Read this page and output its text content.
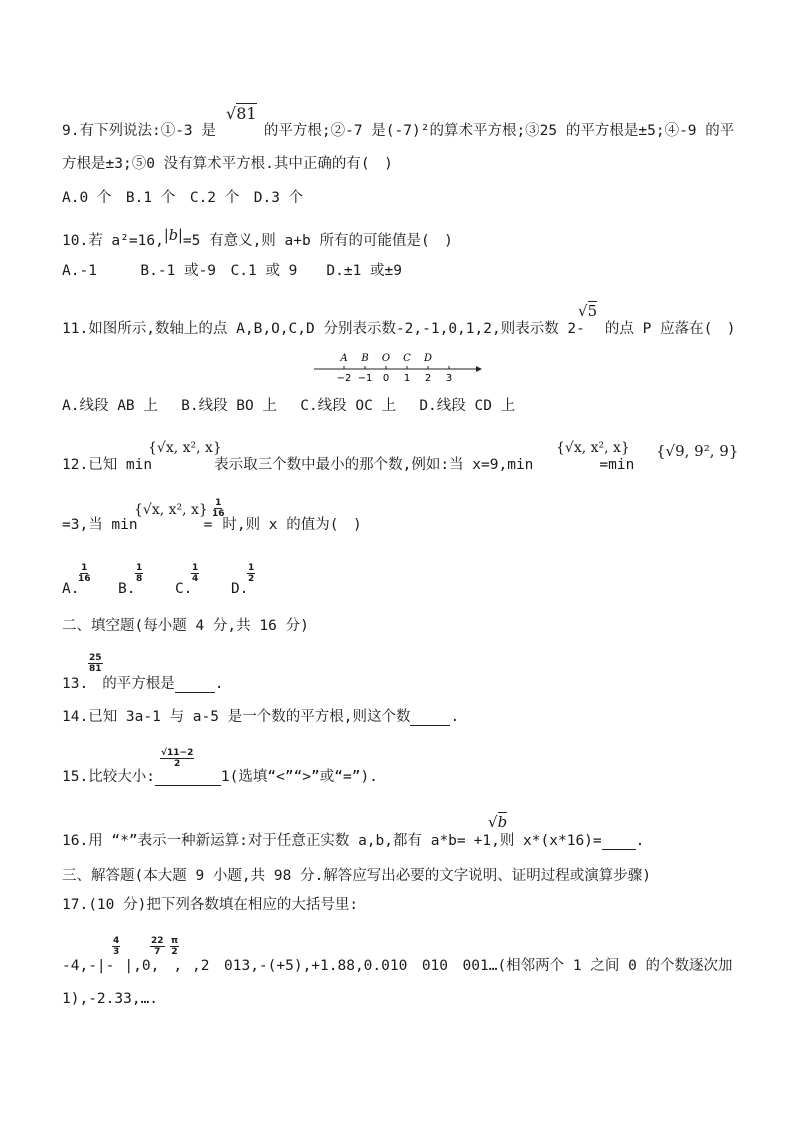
9.有下列说法:①-3 是	的平方根;②-7 是(-7)²的算术平方根;③25 的平方根是±5;④-9 的平
√81
方根是±3;⑤0 没有算术平方根.其中正确的有(　)
A.0 个　B.1 个　C.2 个　D.3 个
10.若 a²=16,|b|=5 有意义,则 a+b 所有的可能值是(　)
A.-1　　　B.-1 或-9　C.1 或 9　　D.±1 或±9
11.如图所示,数轴上的点 A,B,O,C,D 分别表示数-2,-1,0,1,2,则表示数 2- 的点 P 应落在(　)
√5
−2 −1 0 1 2 3
A B O C D
A.线段 AB 上　 B.线段 BO 上　 C.线段 OC 上　 D.线段 CD 上
12.已知 min	表示取三个数中最小的那个数,例如:当 x=9,min	=min
{√x, x², x}	{√x, x², x} {√9, 9², 9}
=3,当 min	= 时,则 x 的值为(　)
{√x, x², $x\} \frac{1}{16}$
A.
$\frac{1}{16}$
B.
$\frac{1}{8}$
C.
$\frac{1}{4}$
D.
$\frac{1}{2}$
二、填空题(每小题 4 分,共 16 分)
$\frac{25}{81}$
13. 的平方根是	.
14.已知 3a-1 与 a-5 是一个数的平方根,则这个数	.
$\frac{√11-2}{2}$
15.比较大小:	1(选填“<”“>”或“=”).
16.用 “*”表示一种新运算:对于任意正实数 a,b,都有 a*b= +1,则 x*(x*16)= .
√b
三、解答题(本大题 9 小题,共 98 分.解答应写出必要的文字说明、证明过程或演算步骤)
17.(10 分)把下列各数填在相应的大括号里:
$\frac{4}{3}$	$\frac{22}{7} \frac{\pi}{2}$
-4,-|- |,0, , ,2　013,-(+5),+1.88,0.010　010　001…(相邻两个 1 之间 0 的个数逐次加
1),-2.33,….
